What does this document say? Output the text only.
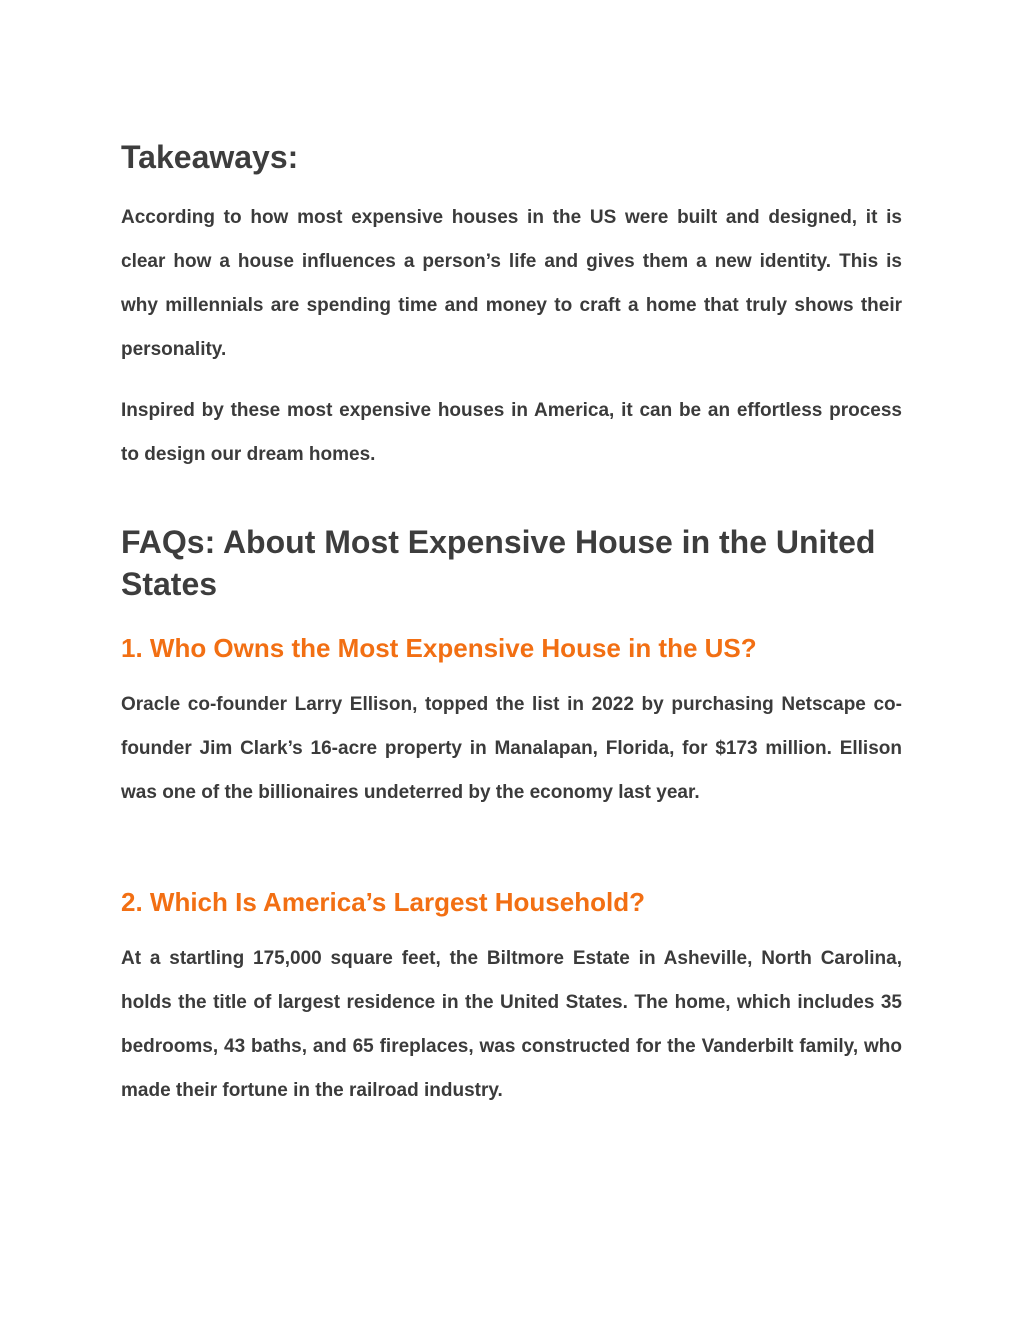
Takeaways:

According to how most expensive houses in the US were built and designed, it is clear how a house influences a person’s life and gives them a new identity. This is why millennials are spending time and money to craft a home that truly shows their personality.

Inspired by these most expensive houses in America, it can be an effortless process to design our dream homes.

FAQs: About Most Expensive House in the United States
1. Who Owns the Most Expensive House in the US?

Oracle co-founder Larry Ellison, topped the list in 2022 by purchasing Netscape co-founder Jim Clark’s 16-acre property in Manalapan, Florida, for $173 million. Ellison was one of the billionaires undeterred by the economy last year.

2. Which Is America’s Largest Household?

At a startling 175,000 square feet, the Biltmore Estate in Asheville, North Carolina, holds the title of largest residence in the United States. The home, which includes 35 bedrooms, 43 baths, and 65 fireplaces, was constructed for the Vanderbilt family, who made their fortune in the railroad industry.
